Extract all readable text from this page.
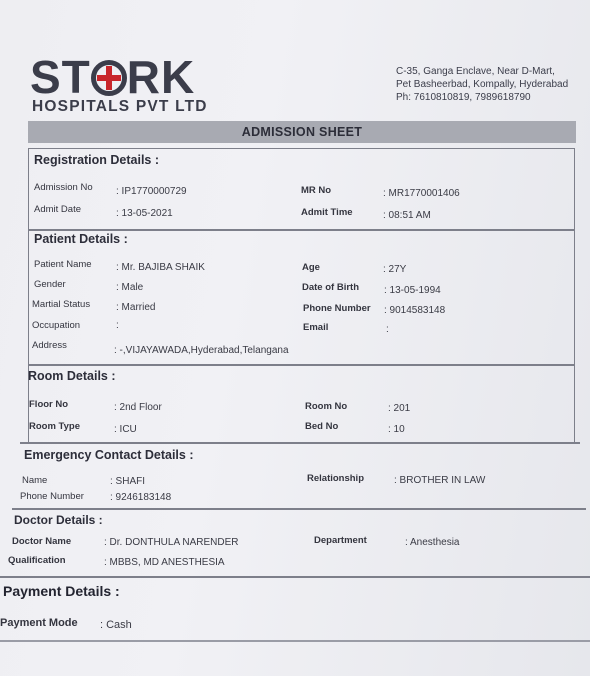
ST RK
HOSPITALS PVT LTD
C-35, Ganga Enclave, Near D-Mart,
Pet Basheerbad, Kompally, Hyderabad
Ph: 7610810819, 7989618790
ADMISSION SHEET
Registration Details :
Admission No : IP1770000729
Admit Date	: 13-05-2021
MR No	: MR1770001406
Admit Time	: 08:51 AM
Patient Details :
Patient Name : Mr. BAJIBA SHAIK
Gender	: Male
Martial Status	: Married
Occupation	:
Address	: -,VIJAYAWADA,Hyderabad,Telangana
Age	: 27Y
Date of Birth	: 13-05-1994
Phone Number : 9014583148
Email	:
Room Details :
Floor No	: 2nd Floor
Room Type	: ICU
Room No	: 201
Bed No	: 10
Emergency Contact Details :
Name	: SHAFI
Phone Number	: 9246183148
Relationship	: BROTHER IN LAW
Doctor Details :
Doctor Name	: Dr. DONTHULA NARENDER
Qualification	: MBBS, MD ANESTHESIA
Department	: Anesthesia
Payment Details :
Payment Mode : Cash
